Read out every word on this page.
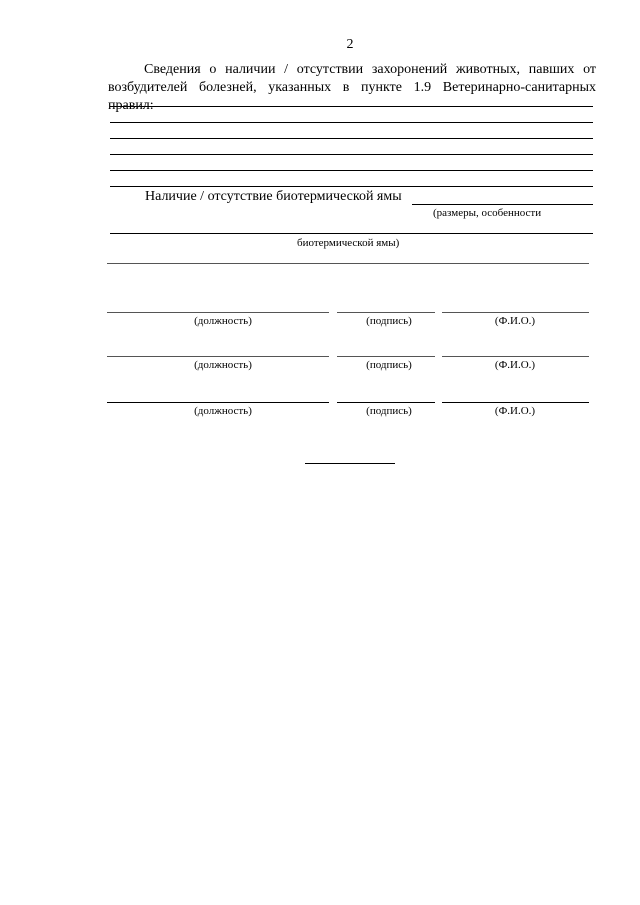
2
Сведения о наличии / отсутствии захоронений животных, павших от возбудителей болезней, указанных в пункте 1.9 Ветеринарно-санитарных правил:
Наличие / отсутствие биотермической ямы
(размеры, особенности
биотермической ямы)
(должность)	(подпись)	(Ф.И.О.)
(должность)	(подпись)	(Ф.И.О.)
(должность)	(подпись)	(Ф.И.О.)
